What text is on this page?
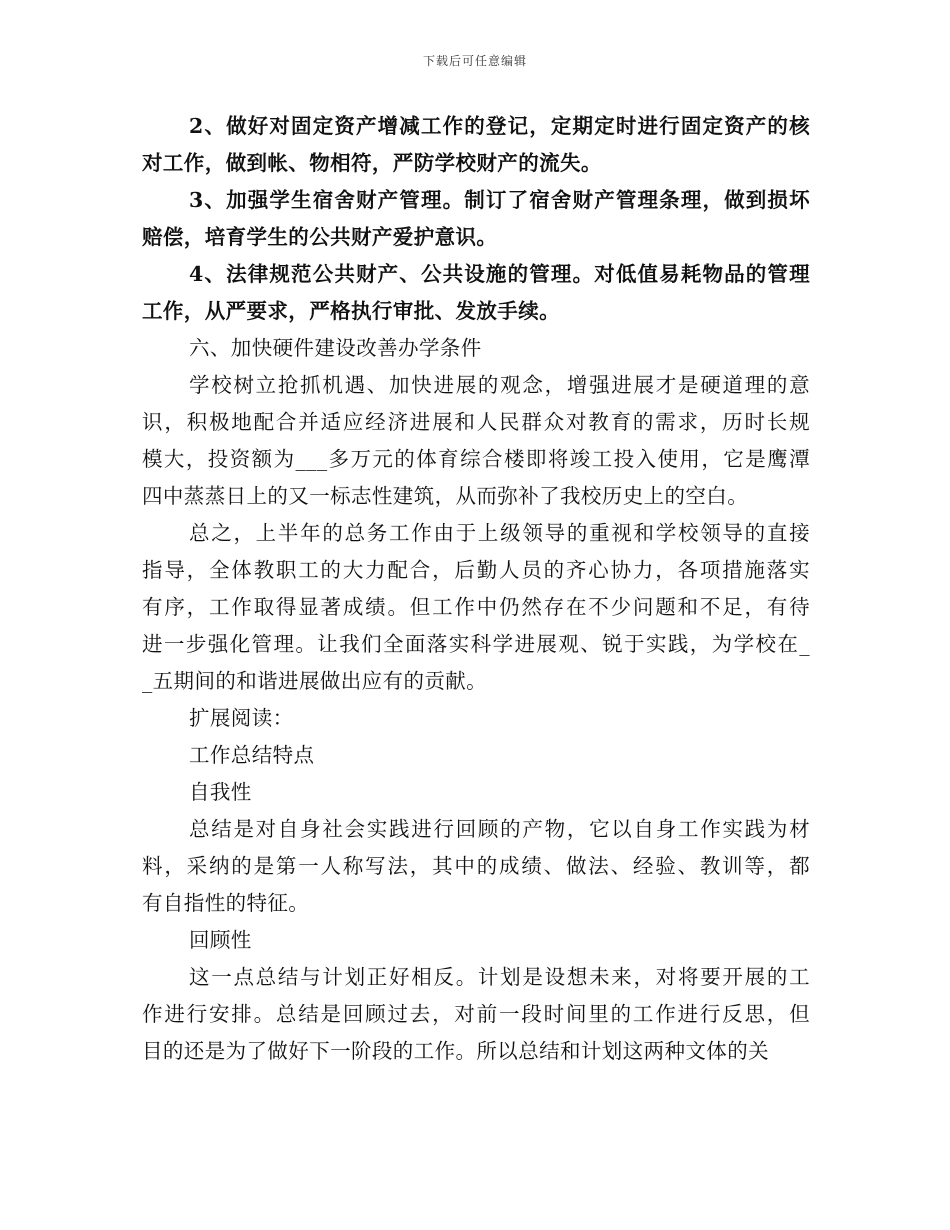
下载后可任意编辑
2、做好对固定资产增减工作的登记，定期定时进行固定资产的核
对工作，做到帐、物相符，严防学校财产的流失。
3、加强学生宿舍财产管理。制订了宿舍财产管理条理，做到损坏
赔偿，培育学生的公共财产爱护意识。
4、法律规范公共财产、公共设施的管理。对低值易耗物品的管理
工作，从严要求，严格执行审批、发放手续。
六、加快硬件建设改善办学条件
学校树立抢抓机遇、加快进展的观念，增强进展才是硬道理的意
识，积极地配合并适应经济进展和人民群众对教育的需求，历时长规
模大，投资额为___多万元的体育综合楼即将竣工投入使用，它是鹰潭
四中蒸蒸日上的又一标志性建筑，从而弥补了我校历史上的空白。
总之，上半年的总务工作由于上级领导的重视和学校领导的直接
指导，全体教职工的大力配合，后勤人员的齐心协力，各项措施落实
有序，工作取得显著成绩。但工作中仍然存在不少问题和不足，有待
进一步强化管理。让我们全面落实科学进展观、锐于实践，为学校在_
_五期间的和谐进展做出应有的贡献。
扩展阅读：
工作总结特点
自我性
总结是对自身社会实践进行回顾的产物，它以自身工作实践为材
料，采纳的是第一人称写法，其中的成绩、做法、经验、教训等，都
有自指性的特征。
回顾性
这一点总结与计划正好相反。计划是设想未来，对将要开展的工
作进行安排。总结是回顾过去，对前一段时间里的工作进行反思，但
目的还是为了做好下一阶段的工作。所以总结和计划这两种文体的关
